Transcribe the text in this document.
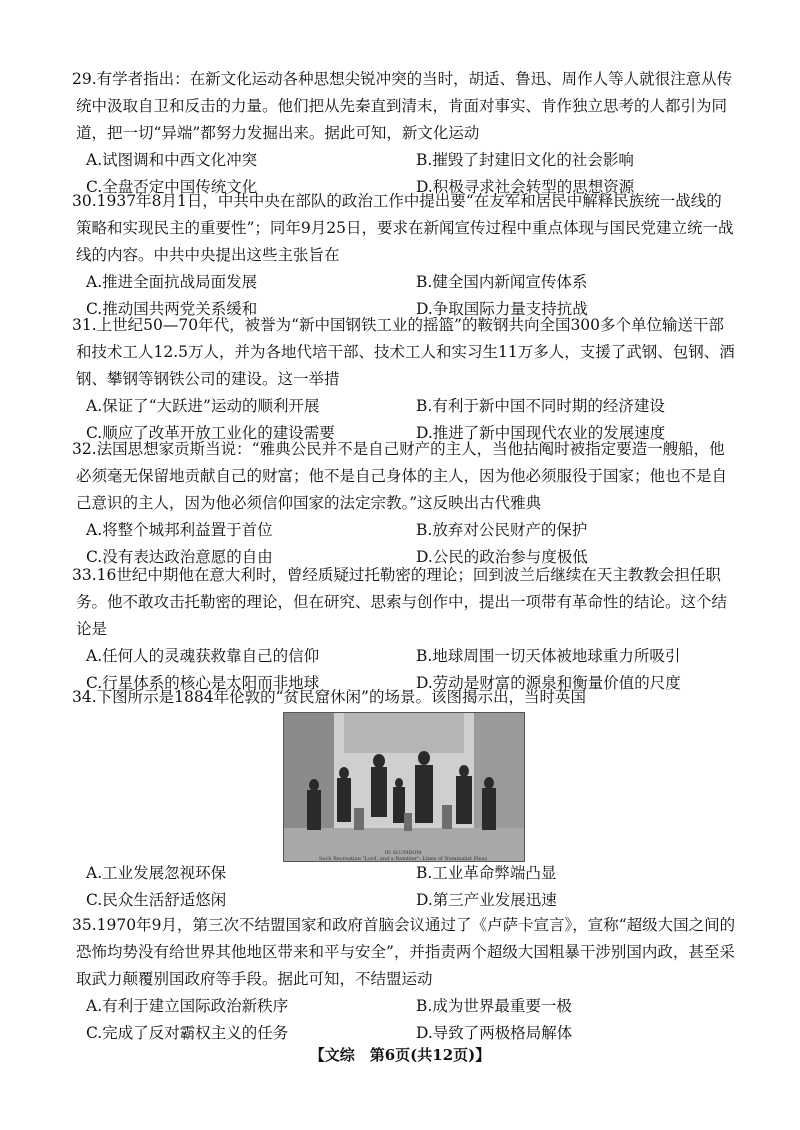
29.有学者指出：在新文化运动各种思想尖锐冲突的当时，胡适、鲁迅、周作人等人就很注意从传统中汲取自卫和反击的力量。他们把从先秦直到清末，肯面对事实、肯作独立思考的人都引为同道，把一切“异端”都努力发掘出来。据此可知，新文化运动

A.试图调和中西文化冲突	B.摧毁了封建旧文化的社会影响
C.全盘否定中国传统文化	D.积极寻求社会转型的思想资源

30.1937年8月1日，中共中央在部队的政治工作中提出要“在友军和居民中解释民族统一战线的策略和实现民主的重要性”；同年9月25日，要求在新闻宣传过程中重点体现与国民党建立统一战线的内容。中共中央提出这些主张旨在

A.推进全面抗战局面发展	B.健全国内新闻宣传体系
C.推动国共两党关系缓和	D.争取国际力量支持抗战

31.上世纪50—70年代，被誉为“新中国钢铁工业的摇篮”的鞍钢共向全国300多个单位输送干部和技术工人12.5万人，并为各地代培干部、技术工人和实习生11万多人，支援了武钢、包钢、酒钢、攀钢等钢铁公司的建设。这一举措

A.保证了“大跃进”运动的顺利开展	B.有利于新中国不同时期的经济建设
C.顺应了改革开放工业化的建设需要	D.推进了新中国现代农业的发展速度

32.法国思想家贡斯当说：“雅典公民并不是自己财产的主人，当他拈阄时被指定要造一艘船，他必须毫无保留地贡献自己的财富；他不是自己身体的主人，因为他必须服役于国家；他也不是自己意识的主人，因为他必须信仰国家的法定宗教。”这反映出古代雅典

A.将整个城邦利益置于首位	B.放弃对公民财产的保护
C.没有表达政治意愿的自由	D.公民的政治参与度极低

33.16世纪中期他在意大利时，曾经质疑过托勒密的理论；回到波兰后继续在天主教教会担任职务。他不敢攻击托勒密的理论，但在研究、思索与创作中，提出一项带有革命性的结论。这个结论是

A.任何人的灵魂获救靠自己的信仰	B.地球周围一切天体被地球重力所吸引
C.行星体系的核心是太阳而非地球	D.劳动是财富的源泉和衡量价值的尺度

34.下图所示是1884年伦敦的“贫民窟休闲”的场景。该图揭示出，当时英国

IN SLUMDOM
Such Recreation "Lord, and a Rambler": Lines of Nominalist Pleas
A.工业发展忽视环保	B.工业革命弊端凸显
C.民众生活舒适悠闲	D.第三产业发展迅速

35.1970年9月，第三次不结盟国家和政府首脑会议通过了《卢萨卡宣言》，宣称“超级大国之间的恐怖均势没有给世界其他地区带来和平与安全”，并指责两个超级大国粗暴干涉别国内政，甚至采取武力颠覆别国政府等手段。据此可知，不结盟运动

A.有利于建立国际政治新秩序	B.成为世界最重要一极
C.完成了反对霸权主义的任务	D.导致了两极格局解体
【文综　第6页(共12页)】
